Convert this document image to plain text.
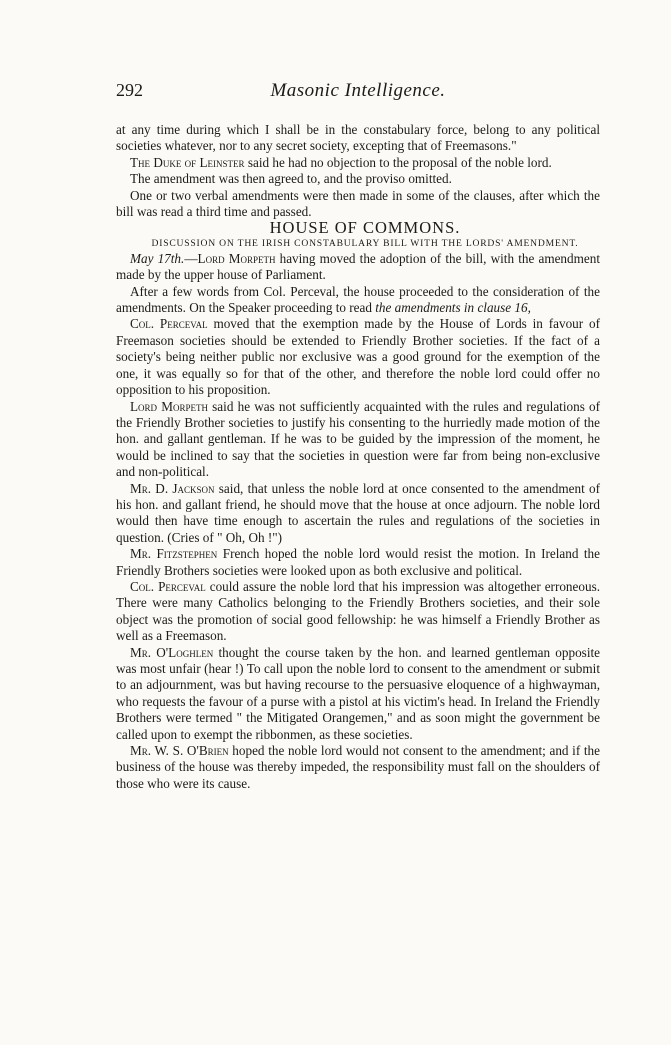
292	Masonic Intelligence.

at any time during which I shall be in the constabulary force, belong to any political societies whatever, nor to any secret society, excepting that of Freemasons."

The Duke of Leinster said he had no objection to the proposal of the noble lord.

The amendment was then agreed to, and the proviso omitted.

One or two verbal amendments were then made in some of the clauses, after which the bill was read a third time and passed.

HOUSE OF COMMONS.

DISCUSSION ON THE IRISH CONSTABULARY BILL WITH THE LORDS' AMENDMENT.

May 17th.—Lord Morpeth having moved the adoption of the bill, with the amendment made by the upper house of Parliament.

After a few words from Col. Perceval, the house proceeded to the consideration of the amendments. On the Speaker proceeding to read the amendments in clause 16,

Col. Perceval moved that the exemption made by the House of Lords in favour of Freemason societies should be extended to Friendly Brother societies. If the fact of a society's being neither public nor exclusive was a good ground for the exemption of the one, it was equally so for that of the other, and therefore the noble lord could offer no opposition to his proposition.

Lord Morpeth said he was not sufficiently acquainted with the rules and regulations of the Friendly Brother societies to justify his consenting to the hurriedly made motion of the hon. and gallant gentleman. If he was to be guided by the impression of the moment, he would be inclined to say that the societies in question were far from being non-exclusive and non-political.

Mr. D. Jackson said, that unless the noble lord at once consented to the amendment of his hon. and gallant friend, he should move that the house at once adjourn. The noble lord would then have time enough to ascertain the rules and regulations of the societies in question. (Cries of " Oh, Oh !")

Mr. Fitzstephen French hoped the noble lord would resist the motion. In Ireland the Friendly Brothers societies were looked upon as both exclusive and political.

Col. Perceval could assure the noble lord that his impression was altogether erroneous. There were many Catholics belonging to the Friendly Brothers societies, and their sole object was the promotion of social good fellowship: he was himself a Friendly Brother as well as a Freemason.

Mr. O'Loghlen thought the course taken by the hon. and learned gentleman opposite was most unfair (hear !) To call upon the noble lord to consent to the amendment or submit to an adjournment, was but having recourse to the persuasive eloquence of a highwayman, who requests the favour of a purse with a pistol at his victim's head. In Ireland the Friendly Brothers were termed " the Mitigated Orangemen," and as soon might the government be called upon to exempt the ribbonmen, as these societies.

Mr. W. S. O'Brien hoped the noble lord would not consent to the amendment; and if the business of the house was thereby impeded, the responsibility must fall on the shoulders of those who were its cause.
